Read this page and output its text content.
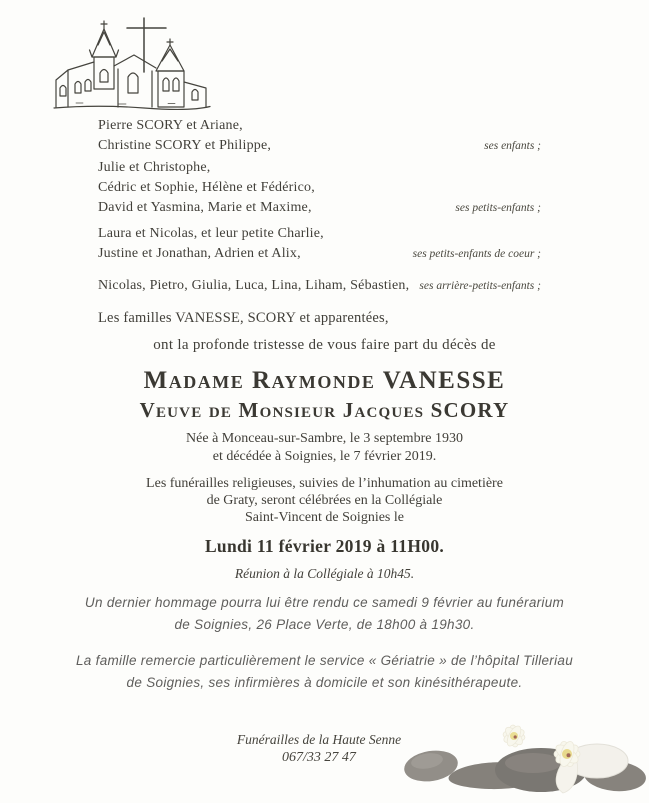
Pierre SCORY et Ariane,
Christine SCORY et Philippe,	ses enfants ;
Julie et Christophe,
Cédric et Sophie, Hélène et Fédérico,
David et Yasmina, Marie et Maxime,	ses petits-enfants ;
Laura et Nicolas, et leur petite Charlie,
Justine et Jonathan, Adrien et Alix,	ses petits-enfants de coeur ;
Nicolas, Pietro, Giulia, Luca, Lina, Liham, Sébastien, ses arrière-petits-enfants ;
Les familles VANESSE, SCORY et apparentées,
ont la profonde tristesse de vous faire part du décès de
Madame Raymonde VANESSE
Veuve de Monsieur Jacques SCORY
Née à Monceau-sur-Sambre, le 3 septembre 1930
et décédée à Soignies, le 7 février 2019.
Les funérailles religieuses, suivies de l’inhumation au cimetière
de Graty, seront célébrées en la Collégiale
Saint-Vincent de Soignies le
Lundi 11 février 2019 à 11H00.
Réunion à la Collégiale à 10h45.
Un dernier hommage pourra lui être rendu ce samedi 9 février au funérarium
de Soignies, 26 Place Verte, de 18h00 à 19h30.
La famille remercie particulièrement le service « Gériatrie » de l’hôpital Tilleriau
de Soignies, ses infirmières à domicile et son kinésithérapeute.
Funérailles de la Haute Senne
067/33 27 47
